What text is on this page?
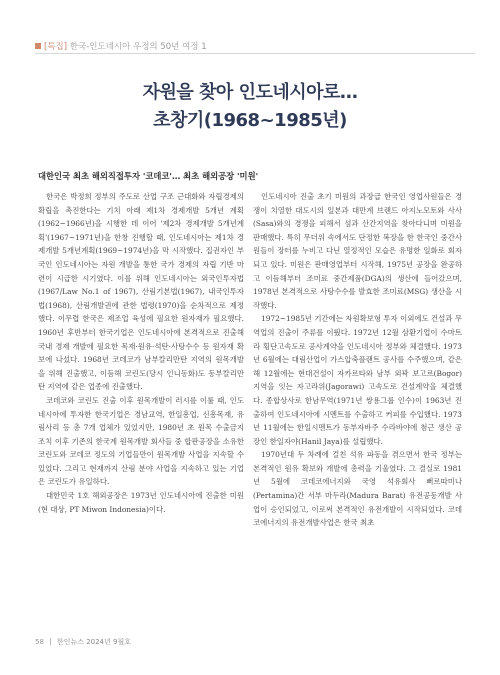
[특집] 한국-인도네시아 우정의 50년 여정 1

자원을 찾아 인도네시아로…

초창기(1968~1985년)

대한인국 최초 해외직접투자 '코데코'… 최초 해외공장 '미원'

한국은 박정희 정부의 주도로 산업 구조 근대화와 자립경제의 확립을 촉진한다는 기치 아래 제1차 경제개발 5개년 계획(1962~1966년)을 시행한 데 이어 '제2차 경제개발 5개년계획'(1967~1971년)을 한창 진행할 때, 인도네시아는 제1차 경제개발 5개년계획(1969~1974년)을 막 시작했다. 집권자인 부국인 인도네시아는 자원 개발을 통한 국가 경제의 자립 기반 마련이 시급한 시기였다. 이를 위해 인도네시아는 외국인투자법(1967/Law No.1 of 1967), 산림기본법(1967), 내국인투자법(1968), 산림개발권에 관한 법령(1970)을 순차적으로 제정했다. 이무렵 한국은 제조업 육성에 필요한 원자재가 필요했다. 1960년 후반부터 한국기업은 인도네시아에 본격적으로 진출해 국내 경제 개발에 필요한 목재·원유·석탄·사탕수수 등 원자재 확보에 나섰다. 1968년 코데코가 남부칼리만탄 지역의 원목개발을 위해 진출했고, 이듬해 코린도(당시 인니동화)도 동부칼리만탄 지역에 같은 업종에 진출했다.

코데코와 코린도 진출 이후 원목개발이 러시를 이룰 때, 인도네시아에 투자한 한국기업은 경남교역, 한일흥업, 신흥목재, 유림사리 등 총 7개 업체가 있었지만, 1980년 초 원목 수출금지 조치 이후 기존의 한국계 원목개발 회사들 중 합판공장을 소유한 코린도와 코데코 정도의 기업들만이 원목개발 사업을 지속할 수 있었다. 그리고 현재까지 산림 분야 사업을 지속하고 있는 기업은 코린도가 유일하다.

대한민국 1호 해외공장은 1973년 인도네시아에 진출한 미원(현 대상, PT Miwon Indonesia)이다.

인도네시아 진출 초기 미원의 과장급 한국인 영업사원들은 경쟁이 치열한 대도시의 일본과 대만계 브랜드 아지노모토와 사사(Sasa)와의 경쟁을 피해서 섬과 산간지역을 찾아다니며 미원을 판매했다. 특히 무더위 속에서도 단정한 복장을 한 한국인 중간사원들이 장터를 누비고 다닌 열정적인 모습은 유명한 일화로 회자되고 있다. 미원은 판매영업부터 시작해, 1975년 공장을 완공하고 이듬해부터 조미료 중간제품(DGA)의 생산에 들어갔으며, 1978년 본격적으로 사탕수수를 발효한 조미료(MSG) 생산을 시작했다.

1972~1985년 기간에는 자원확보형 투자 이외에도 건설과 무역업의 진출이 주류를 이뤘다. 1972년 12월 삼환기업이 수마트라 횡단고속도로 공사계약을 인도네시아 정부와 체결했다. 1973년 6월에는 대림산업이 가스압축플랜트 공사를 수주했으며, 같은 해 12월에는 현대건설이 자카르타와 남부 외곽 보고르(Bogor) 지역을 잇는 자고라위(Jagorawi) 고속도로 건설계약을 체결했다. 종합상사로 한남무역(1971년 쌍용그룹 인수)이 1963년 진출하여 인도네시아에 시멘트를 수출하고 커피를 수입했다. 1973년 11월에는 한일시멘트가 동부자바주 수라바야에 첨근 생산 공장인 한일자야(Hanil Jaya)를 설립했다.

1970년대 두 차례에 걸친 석유 파동을 겪으면서 한국 정부는 본격적인 원유 확보와 개발에 총력을 기울였다. 그 결실로 1981년 5월에 코데코에너지와 국영 석유회사 뻐르따미나(Pertamina)간 서부 마두라(Madura Barat) 유전공동개발 사업이 승인되었고, 이로써 본격적인 유전개발이 시작되었다. 코데코에너지의 유전개발사업은 한국 최초

58 한인뉴스 2024년 9월호
